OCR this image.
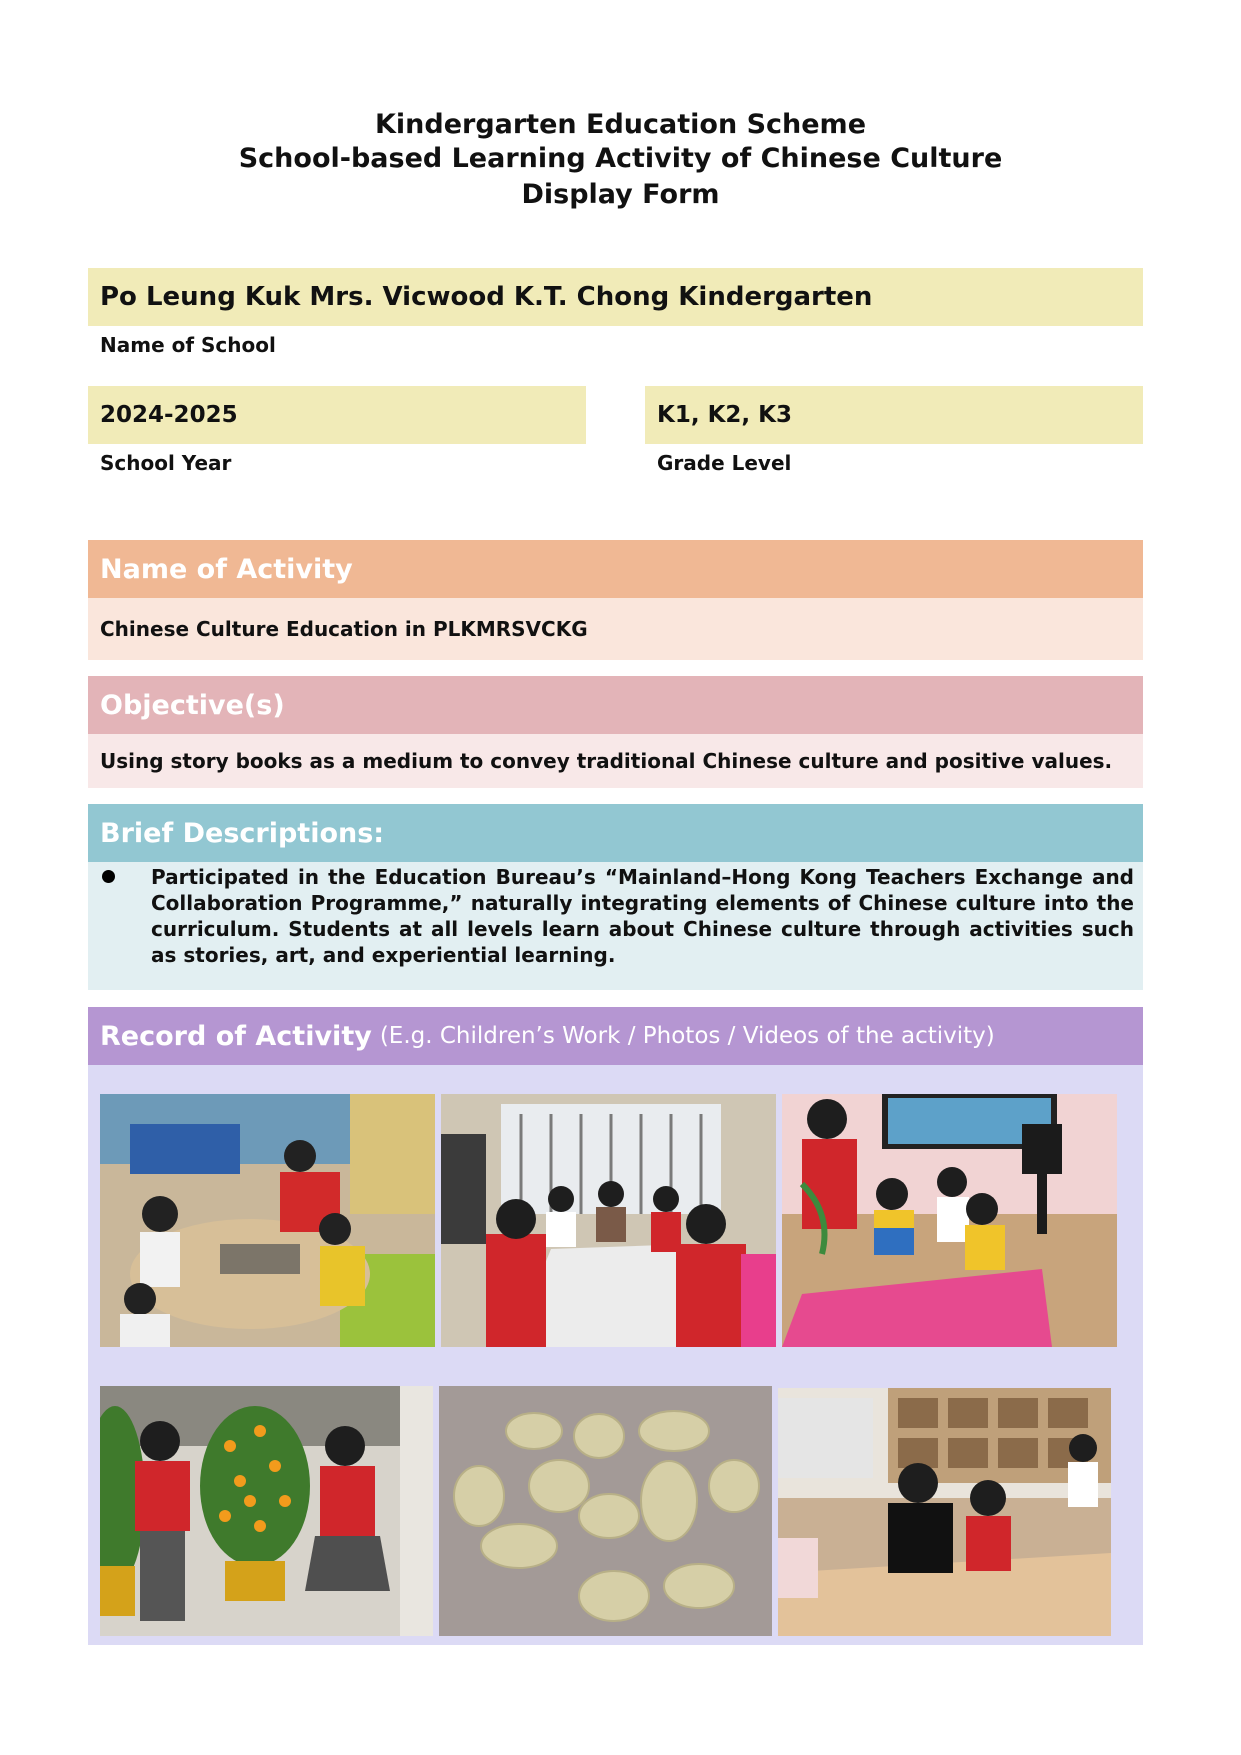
Kindergarten Education Scheme
School-based Learning Activity of Chinese Culture
Display Form
Po Leung Kuk Mrs. Vicwood K.T. Chong Kindergarten
Name of School
2024-2025
School Year
K1, K2, K3
Grade Level
Name of Activity
Chinese Culture Education in PLKMRSVCKG
Objective(s)
Using story books as a medium to convey traditional Chinese culture and positive values.
Brief Descriptions:
Participated in the Education Bureau’s “Mainland–Hong Kong Teachers Exchange and Collaboration Programme,” naturally integrating elements of Chinese culture into the curriculum. Students at all levels learn about Chinese culture through activities such as stories, art, and experiential learning.
Record of Activity (E.g. Children’s Work / Photos / Videos of the activity)
